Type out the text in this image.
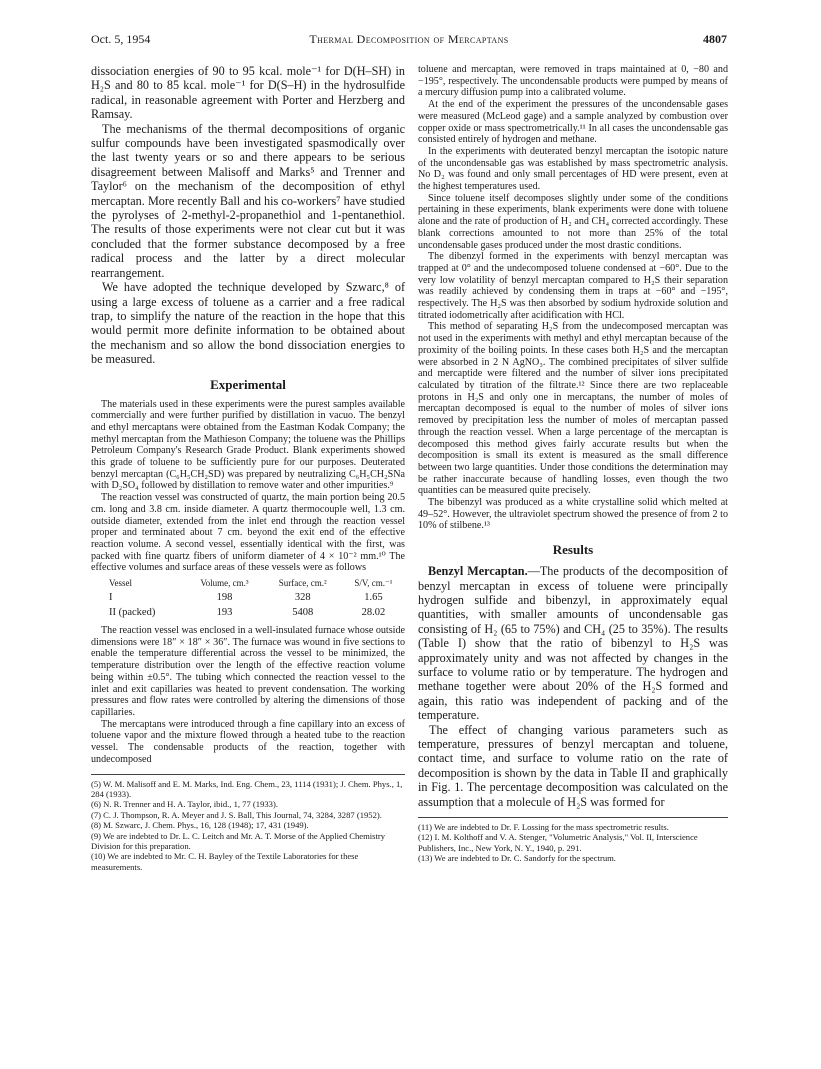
Oct. 5, 1954	Thermal Decomposition of Mercaptans	4807

dissociation energies of 90 to 95 kcal. mole⁻¹ for D(H–SH) in H₂S and 80 to 85 kcal. mole⁻¹ for D(S–H) in the hydrosulfide radical, in reasonable agreement with Porter and Herzberg and Ramsay.

The mechanisms of the thermal decompositions of organic sulfur compounds have been investigated spasmodically over the last twenty years or so and there appears to be serious disagreement between Malisoff and Marks⁵ and Trenner and Taylor⁶ on the mechanism of the decomposition of ethyl mercaptan. More recently Ball and his co-workers⁷ have studied the pyrolyses of 2-methyl-2-propanethiol and 1-pentanethiol. The results of those experiments were not clear cut but it was concluded that the former substance decomposed by a free radical process and the latter by a direct molecular rearrangement.

We have adopted the technique developed by Szwarc,⁸ of using a large excess of toluene as a carrier and a free radical trap, to simplify the nature of the reaction in the hope that this would permit more definite information to be obtained about the mechanism and so allow the bond dissociation energies to be measured.

Experimental

The materials used in these experiments were the purest samples available commercially and were further purified by distillation in vacuo. The benzyl and ethyl mercaptans were obtained from the Eastman Kodak Company; the methyl mercaptan from the Mathieson Company; the toluene was the Phillips Petroleum Company's Research Grade Product. Blank experiments showed this grade of toluene to be sufficiently pure for our purposes. Deuterated benzyl mercaptan (C₆H₅CH₂SD) was prepared by neutralizing C₆H₅CH₂SNa with D₂SO₄ followed by distillation to remove water and other impurities.⁹

The reaction vessel was constructed of quartz, the main portion being 20.5 cm. long and 3.8 cm. inside diameter. A quartz thermocouple well, 1.3 cm. outside diameter, extended from the inlet end through the reaction vessel proper and terminated about 7 cm. beyond the exit end of the effective reaction volume. A second vessel, essentially identical with the first, was packed with fine quartz fibers of uniform diameter of 4 × 10⁻² mm.¹⁰ The effective volumes and surface areas of these vessels were as follows

Vessel	Volume, cm.³	Surface, cm.²	S/V, cm.⁻¹
I	198	328	1.65
II (packed)	193	5408	28.02

The reaction vessel was enclosed in a well-insulated furnace whose outside dimensions were 18″ × 18″ × 36″. The furnace was wound in five sections to enable the temperature differential across the vessel to be minimized, the temperature distribution over the length of the effective reaction volume being within ±0.5°. The tubing which connected the reaction vessel to the inlet and exit capillaries was heated to prevent condensation. The working pressures and flow rates were controlled by altering the dimensions of those capillaries.

The mercaptans were introduced through a fine capillary into an excess of toluene vapor and the mixture flowed through a heated tube to the reaction vessel. The condensable products of the reaction, together with undecomposed

(5) W. M. Malisoff and E. M. Marks, Ind. Eng. Chem., 23, 1114 (1931); J. Chem. Phys., 1, 284 (1933).
(6) N. R. Trenner and H. A. Taylor, ibid., 1, 77 (1933).
(7) C. J. Thompson, R. A. Meyer and J. S. Ball, This Journal, 74, 3284, 3287 (1952).
(8) M. Szwarc, J. Chem. Phys., 16, 128 (1948); 17, 431 (1949).
(9) We are indebted to Dr. L. C. Leitch and Mr. A. T. Morse of the Applied Chemistry Division for this preparation.
(10) We are indebted to Mr. C. H. Bayley of the Textile Laboratories for these measurements.

toluene and mercaptan, were removed in traps maintained at 0, −80 and −195°, respectively. The uncondensable products were pumped by means of a mercury diffusion pump into a calibrated volume.

At the end of the experiment the pressures of the uncondensable gases were measured (McLeod gage) and a sample analyzed by combustion over copper oxide or mass spectrometrically.¹¹ In all cases the uncondensable gas consisted entirely of hydrogen and methane.

In the experiments with deuterated benzyl mercaptan the isotopic nature of the uncondensable gas was established by mass spectrometric analysis. No D₂ was found and only small percentages of HD were present, even at the highest temperatures used.

Since toluene itself decomposes slightly under some of the conditions pertaining in these experiments, blank experiments were done with toluene alone and the rate of production of H₂ and CH₄ corrected accordingly. These blank corrections amounted to not more than 25% of the total uncondensable gases produced under the most drastic conditions.

The dibenzyl formed in the experiments with benzyl mercaptan was trapped at 0° and the undecomposed toluene condensed at −60°. Due to the very low volatility of benzyl mercaptan compared to H₂S their separation was readily achieved by condensing them in traps at −60° and −195°, respectively. The H₂S was then absorbed by sodium hydroxide solution and titrated iodometrically after acidification with HCl.

This method of separating H₂S from the undecomposed mercaptan was not used in the experiments with methyl and ethyl mercaptan because of the proximity of the boiling points. In these cases both H₂S and the mercaptan were absorbed in 2 N AgNO₃. The combined precipitates of silver sulfide and mercaptide were filtered and the number of silver ions precipitated calculated by titration of the filtrate.¹² Since there are two replaceable protons in H₂S and only one in mercaptans, the number of moles of mercaptan decomposed is equal to the number of moles of silver ions removed by precipitation less the number of moles of mercaptan passed through the reaction vessel. When a large percentage of the mercaptan is decomposed this method gives fairly accurate results but when the decomposition is small its extent is measured as the small difference between two large quantities. Under those conditions the determination may be rather inaccurate because of handling losses, even though the two quantities can be measured quite precisely.

The bibenzyl was produced as a white crystalline solid which melted at 49–52°. However, the ultraviolet spectrum showed the presence of from 2 to 10% of stilbene.¹³

Results

Benzyl Mercaptan.—The products of the decomposition of benzyl mercaptan in excess of toluene were principally hydrogen sulfide and bibenzyl, in approximately equal quantities, with smaller amounts of uncondensable gas consisting of H₂ (65 to 75%) and CH₄ (25 to 35%). The results (Table I) show that the ratio of bibenzyl to H₂S was approximately unity and was not affected by changes in the surface to volume ratio or by temperature. The hydrogen and methane together were about 20% of the H₂S formed and again, this ratio was independent of packing and of the temperature.

The effect of changing various parameters such as temperature, pressures of benzyl mercaptan and toluene, contact time, and surface to volume ratio on the rate of decomposition is shown by the data in Table II and graphically in Fig. 1. The percentage decomposition was calculated on the assumption that a molecule of H₂S was formed for

(11) We are indebted to Dr. F. Lossing for the mass spectrometric results.
(12) I. M. Kolthoff and V. A. Stenger, "Volumetric Analysis," Vol. II, Interscience Publishers, Inc., New York, N. Y., 1940, p. 291.
(13) We are indebted to Dr. C. Sandorfy for the spectrum.
